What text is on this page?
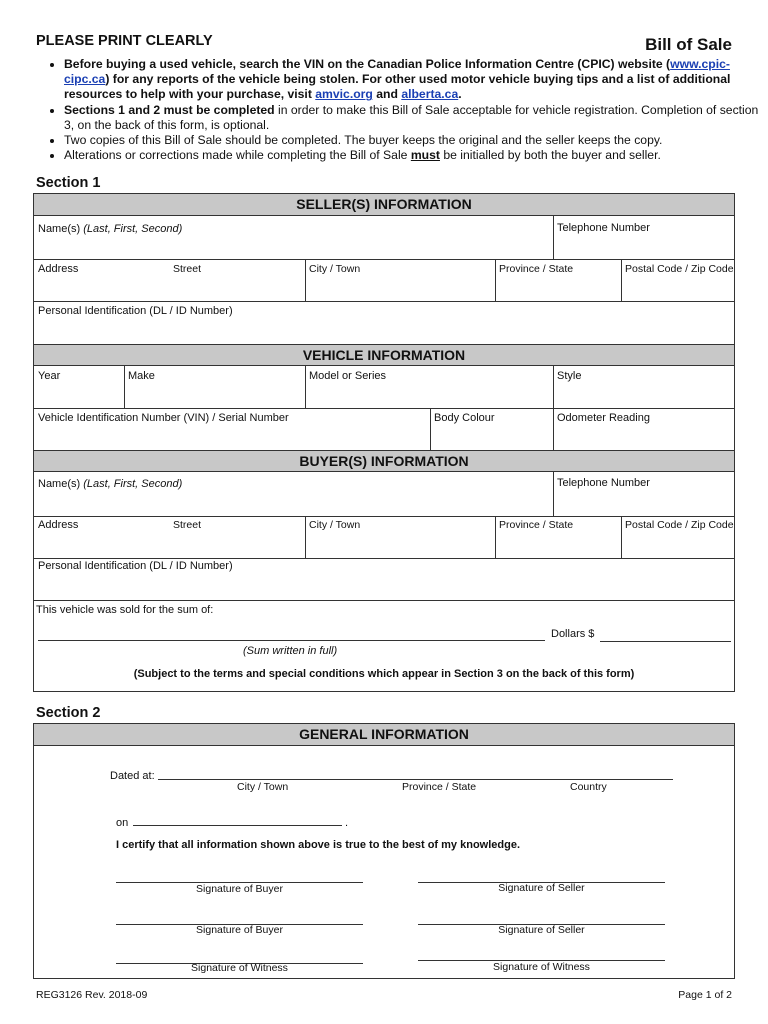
PLEASE PRINT CLEARLY	Bill of Sale
• Before buying a used vehicle, search the VIN on the Canadian Police Information Centre (CPIC) website (www.cpic-cipc.ca) for any reports of the vehicle being stolen. For other used motor vehicle buying tips and a list of additional resources to help with your purchase, visit amvic.org and alberta.ca.
• Sections 1 and 2 must be completed in order to make this Bill of Sale acceptable for vehicle registration. Completion of section 3, on the back of this form, is optional.
• Two copies of this Bill of Sale should be completed. The buyer keeps the original and the seller keeps the copy.
• Alterations or corrections made while completing the Bill of Sale must be initialled by both the buyer and seller.
Section 1
SELLER(S) INFORMATION
Name(s) (Last, First, Second)	Telephone Number
Address	Street	City / Town	Province / State	Postal Code / Zip Code
Personal Identification (DL / ID Number)
VEHICLE INFORMATION
Year	Make	Model or Series	Style
Vehicle Identification Number (VIN) / Serial Number	Body Colour	Odometer Reading
BUYER(S) INFORMATION
Name(s) (Last, First, Second)	Telephone Number
Address	Street	City / Town	Province / State	Postal Code / Zip Code
Personal Identification (DL / ID Number)
This vehicle was sold for the sum of:
Dollars $
(Sum written in full)
(Subject to the terms and special conditions which appear in Section 3 on the back of this form)
Section 2
GENERAL INFORMATION
Dated at:
City / Town	Province / State	Country
on	.
I certify that all information shown above is true to the best of my knowledge.
Signature of Buyer	Signature of Seller
Signature of Buyer	Signature of Seller
Signature of Witness	Signature of Witness
REG3126 Rev. 2018-09	Page 1 of 2
